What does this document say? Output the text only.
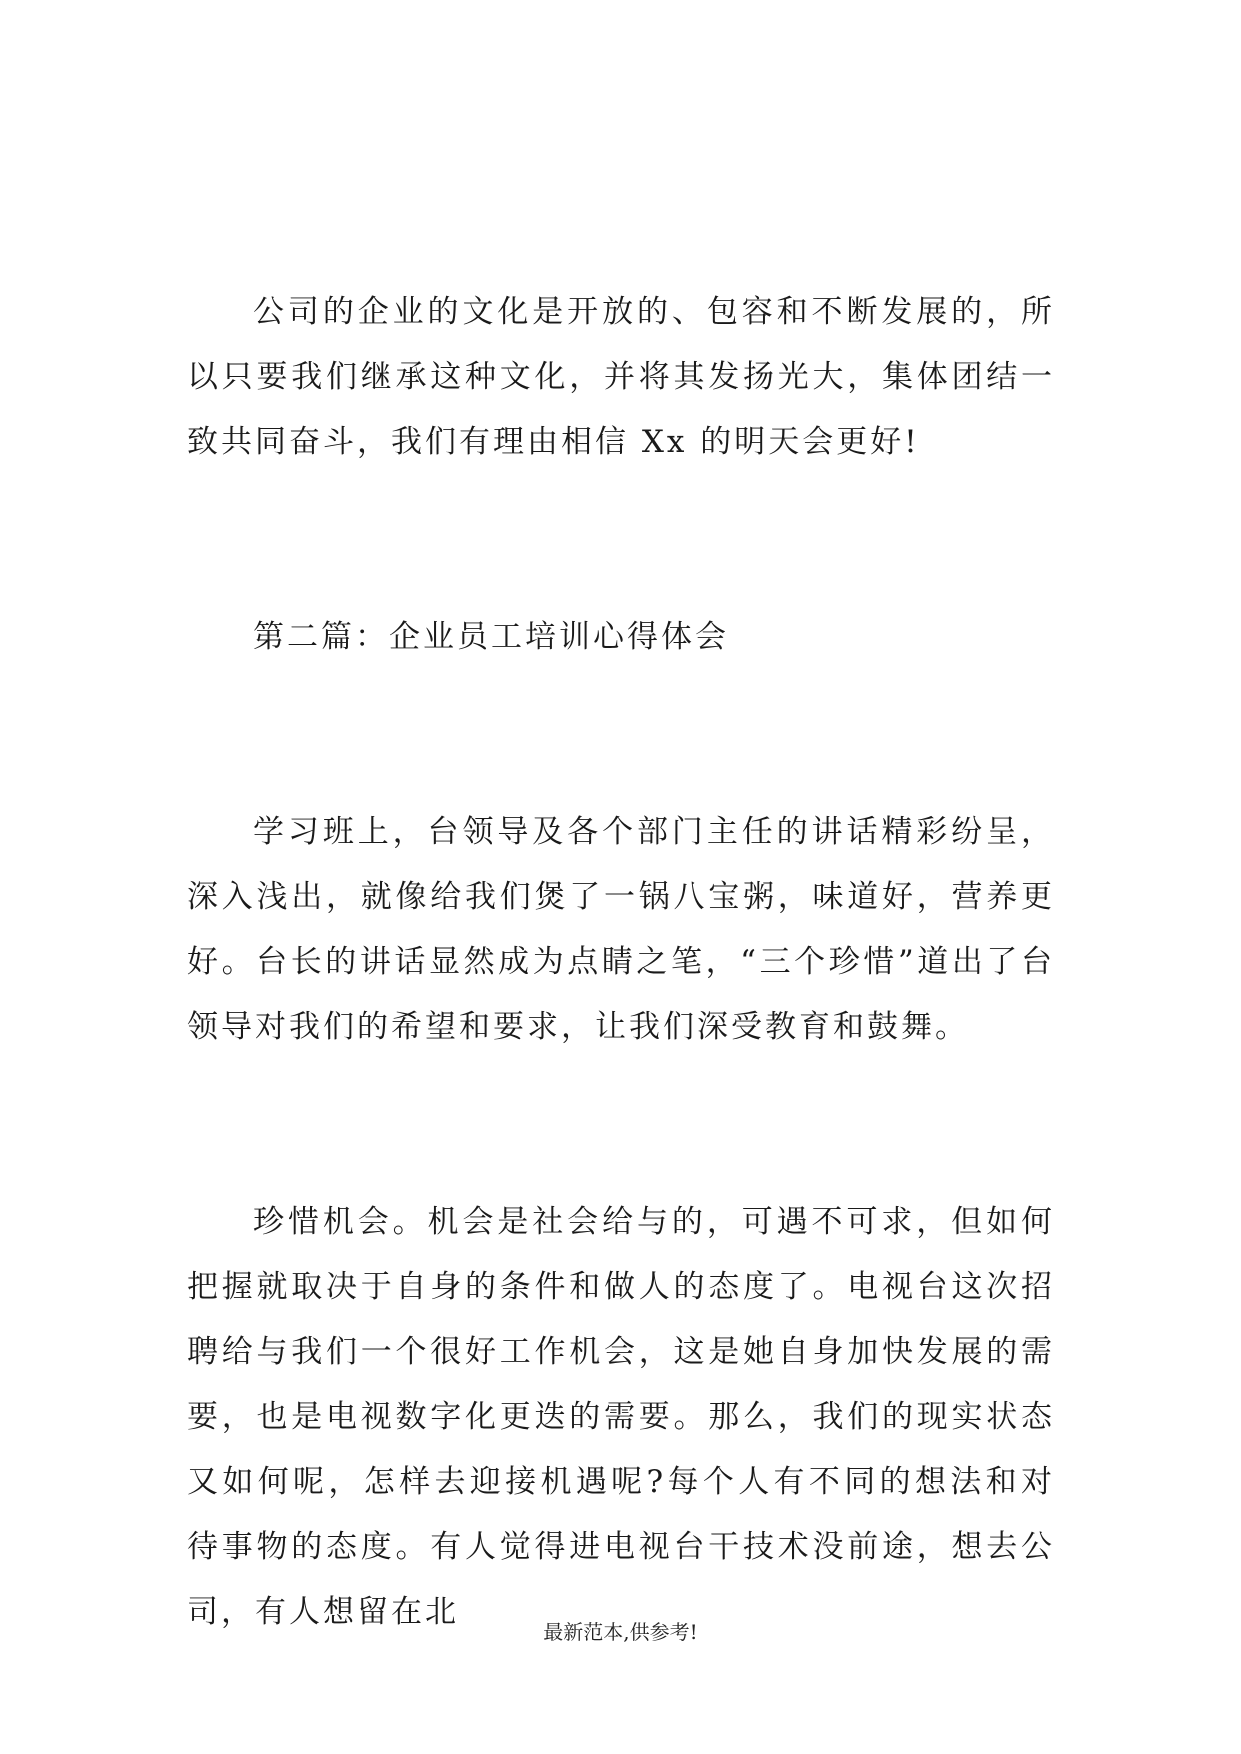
公司的企业的文化是开放的、包容和不断发展的，所以只要我们继承这种文化，并将其发扬光大，集体团结一致共同奋斗，我们有理由相信 Xx 的明天会更好!

第二篇：企业员工培训心得体会

学习班上，台领导及各个部门主任的讲话精彩纷呈，深入浅出，就像给我们煲了一锅八宝粥，味道好，营养更好。台长的讲话显然成为点睛之笔，“三个珍惜”道出了台领导对我们的希望和要求，让我们深受教育和鼓舞。

珍惜机会。机会是社会给与的，可遇不可求，但如何把握就取决于自身的条件和做人的态度了。电视台这次招聘给与我们一个很好工作机会，这是她自身加快发展的需要，也是电视数字化更迭的需要。那么，我们的现实状态又如何呢，怎样去迎接机遇呢?每个人有不同的想法和对待事物的态度。有人觉得进电视台干技术没前途，想去公司，有人想留在北

最新范本,供参考!
